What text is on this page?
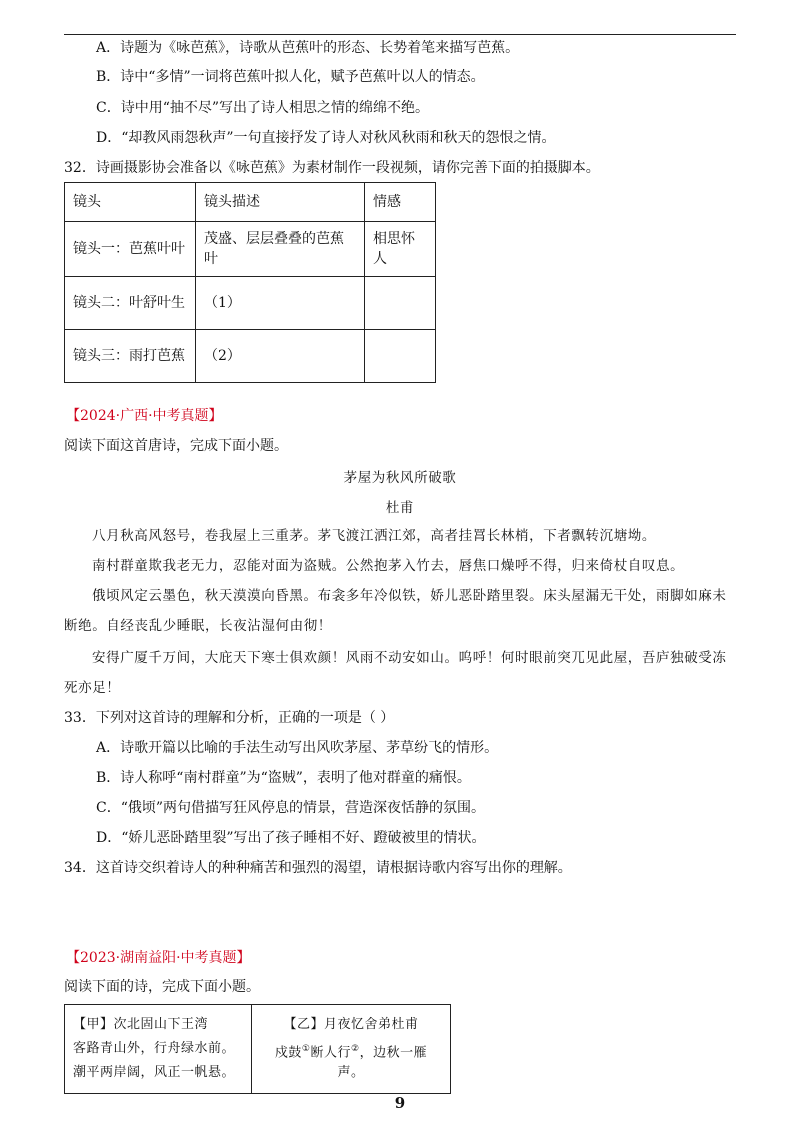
A．诗题为《咏芭蕉》，诗歌从芭蕉叶的形态、长势着笔来描写芭蕉。
B．诗中“多情”一词将芭蕉叶拟人化，赋予芭蕉叶以人的情态。
C．诗中用“抽不尽”写出了诗人相思之情的绵绵不绝。
D．“却教风雨怨秋声”一句直接抒发了诗人对秋风秋雨和秋天的怨恨之情。
32．诗画摄影协会准备以《咏芭蕉》为素材制作一段视频，请你完善下面的拍摄脚本。
镜头	镜头描述	情感
镜头一：芭蕉叶叶	茂盛、层层叠叠的芭蕉叶	相思怀人
镜头二：叶舒叶生	（1）	
镜头三：雨打芭蕉	（2）	
【2024·广西·中考真题】
阅读下面这首唐诗，完成下面小题。
茅屋为秋风所破歌
杜甫
八月秋高风怒号，卷我屋上三重茅。茅飞渡江洒江郊，高者挂罥长林梢，下者飘转沉塘坳。
南村群童欺我老无力，忍能对面为盗贼。公然抱茅入竹去，唇焦口燥呼不得，归来倚杖自叹息。
俄顷风定云墨色，秋天漠漠向昏黑。布衾多年冷似铁，娇儿恶卧踏里裂。床头屋漏无干处，雨脚如麻未断绝。自经丧乱少睡眠，长夜沾湿何由彻！
安得广厦千万间，大庇天下寒士俱欢颜！风雨不动安如山。呜呼！何时眼前突兀见此屋，吾庐独破受冻死亦足！
33．下列对这首诗的理解和分析，正确的一项是（ ）
A．诗歌开篇以比喻的手法生动写出风吹茅屋、茅草纷飞的情形。
B．诗人称呼“南村群童”为“盗贼”，表明了他对群童的痛恨。
C．“俄顷”两句借描写狂风停息的情景，营造深夜恬静的氛围。
D．“娇儿恶卧踏里裂”写出了孩子睡相不好、蹬破被里的情状。
34．这首诗交织着诗人的种种痛苦和强烈的渴望，请根据诗歌内容写出你的理解。
【2023·湖南益阳·中考真题】
阅读下面的诗，完成下面小题。
【甲】次北固山下王湾
客路青山外，行舟绿水前。
潮平两岸阔，风正一帆悬。

【乙】月夜忆舍弟杜甫
戍鼓①断人行②，边秋一雁
声。
9
